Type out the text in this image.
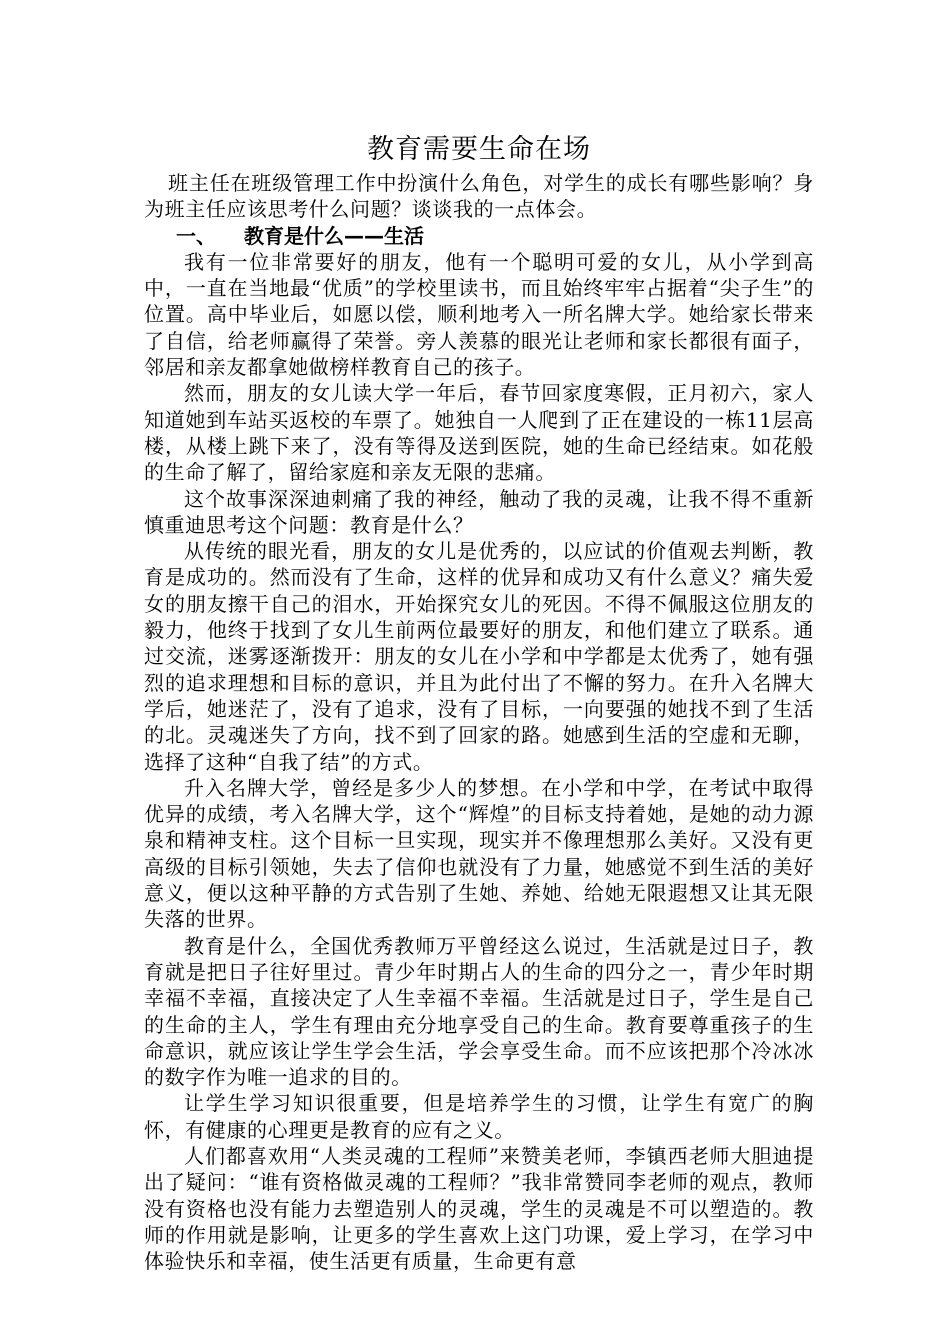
教育需要生命在场

班主任在班级管理工作中扮演什么角色，对学生的成长有哪些影响？身为班主任应该思考什么问题？谈谈我的一点体会。

一、 教育是什么——生活

我有一位非常要好的朋友，他有一个聪明可爱的女儿，从小学到高中，一直在当地最“优质”的学校里读书，而且始终牢牢占据着“尖子生”的位置。高中毕业后，如愿以偿，顺利地考入一所名牌大学。她给家长带来了自信，给老师赢得了荣誉。旁人羡慕的眼光让老师和家长都很有面子，邻居和亲友都拿她做榜样教育自己的孩子。

然而，朋友的女儿读大学一年后，春节回家度寒假，正月初六，家人知道她到车站买返校的车票了。她独自一人爬到了正在建设的一栋11层高楼，从楼上跳下来了，没有等得及送到医院，她的生命已经结束。如花般的生命了解了，留给家庭和亲友无限的悲痛。

这个故事深深迪刺痛了我的神经，触动了我的灵魂，让我不得不重新慎重迪思考这个问题：教育是什么？

从传统的眼光看，朋友的女儿是优秀的，以应试的价值观去判断，教育是成功的。然而没有了生命，这样的优异和成功又有什么意义？痛失爱女的朋友擦干自己的泪水，开始探究女儿的死因。不得不佩服这位朋友的毅力，他终于找到了女儿生前两位最要好的朋友，和他们建立了联系。通过交流，迷雾逐渐拨开：朋友的女儿在小学和中学都是太优秀了，她有强烈的追求理想和目标的意识，并且为此付出了不懈的努力。在升入名牌大学后，她迷茫了，没有了追求，没有了目标，一向要强的她找不到了生活的北。灵魂迷失了方向，找不到了回家的路。她感到生活的空虚和无聊，选择了这种“自我了结”的方式。

升入名牌大学，曾经是多少人的梦想。在小学和中学，在考试中取得优异的成绩，考入名牌大学，这个“辉煌”的目标支持着她，是她的动力源泉和精神支柱。这个目标一旦实现，现实并不像理想那么美好。又没有更高级的目标引领她，失去了信仰也就没有了力量，她感觉不到生活的美好意义，便以这种平静的方式告别了生她、养她、给她无限遐想又让其无限失落的世界。

教育是什么，全国优秀教师万平曾经这么说过，生活就是过日子，教育就是把日子往好里过。青少年时期占人的生命的四分之一，青少年时期幸福不幸福，直接决定了人生幸福不幸福。生活就是过日子，学生是自己的生命的主人，学生有理由充分地享受自己的生命。教育要尊重孩子的生命意识，就应该让学生学会生活，学会享受生命。而不应该把那个冷冰冰的数字作为唯一追求的目的。

让学生学习知识很重要，但是培养学生的习惯，让学生有宽广的胸怀，有健康的心理更是教育的应有之义。

人们都喜欢用“人类灵魂的工程师”来赞美老师，李镇西老师大胆迪提出了疑问：“谁有资格做灵魂的工程师？”我非常赞同李老师的观点，教师没有资格也没有能力去塑造别人的灵魂，学生的灵魂是不可以塑造的。教师的作用就是影响，让更多的学生喜欢上这门功课，爱上学习，在学习中体验快乐和幸福，使生活更有质量，生命更有意
